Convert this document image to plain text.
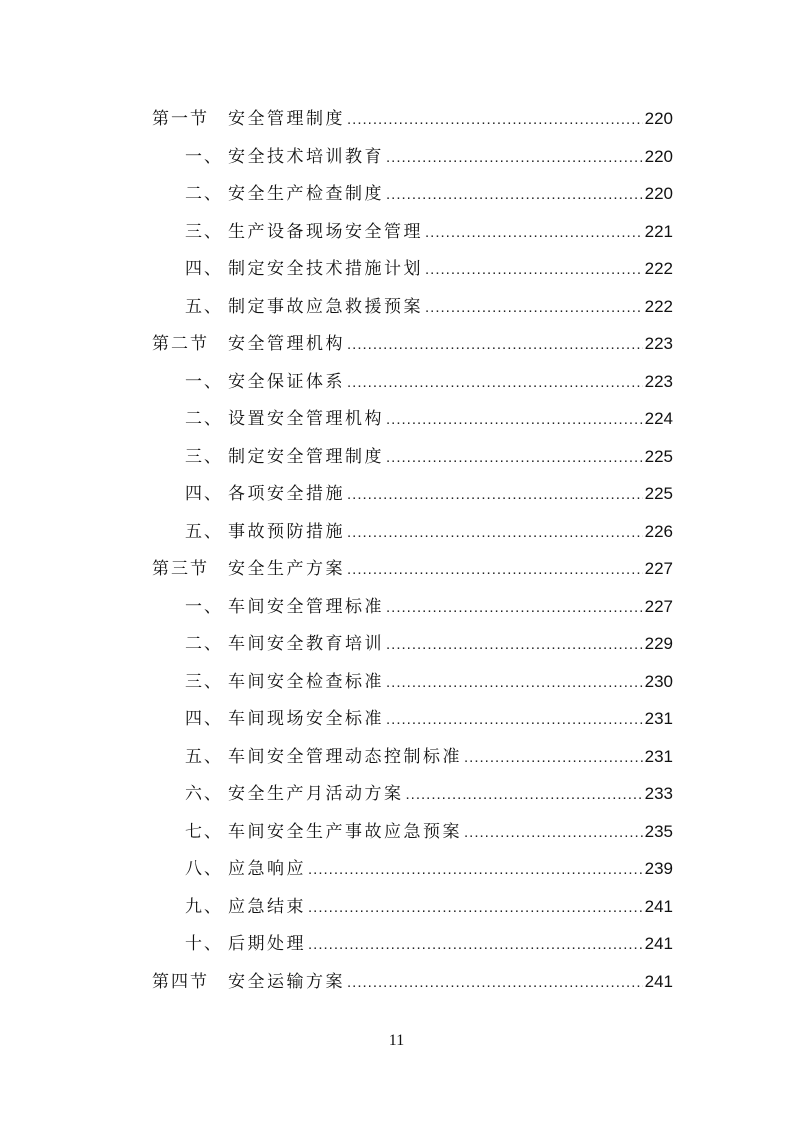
第一节	安全管理制度 .....	220
一、 安全技术培训教育 .....	220
二、 安全生产检查制度 .....	220
三、 生产设备现场安全管理 .....	221
四、 制定安全技术措施计划 .....	222
五、 制定事故应急救援预案 .....	222
第二节	安全管理机构 .....	223
一、 安全保证体系 .....	223
二、 设置安全管理机构 .....	224
三、 制定安全管理制度 .....	225
四、 各项安全措施 .....	225
五、 事故预防措施 .....	226
第三节	安全生产方案 .....	227
一、 车间安全管理标准 .....	227
二、 车间安全教育培训 .....	229
三、 车间安全检查标准 .....	230
四、 车间现场安全标准 .....	231
五、 车间安全管理动态控制标准 .....	231
六、 安全生产月活动方案 .....	233
七、 车间安全生产事故应急预案 .....	235
八、 应急响应 .....	239
九、 应急结束 .....	241
十、 后期处理 .....	241
第四节	安全运输方案 .....	241
11
